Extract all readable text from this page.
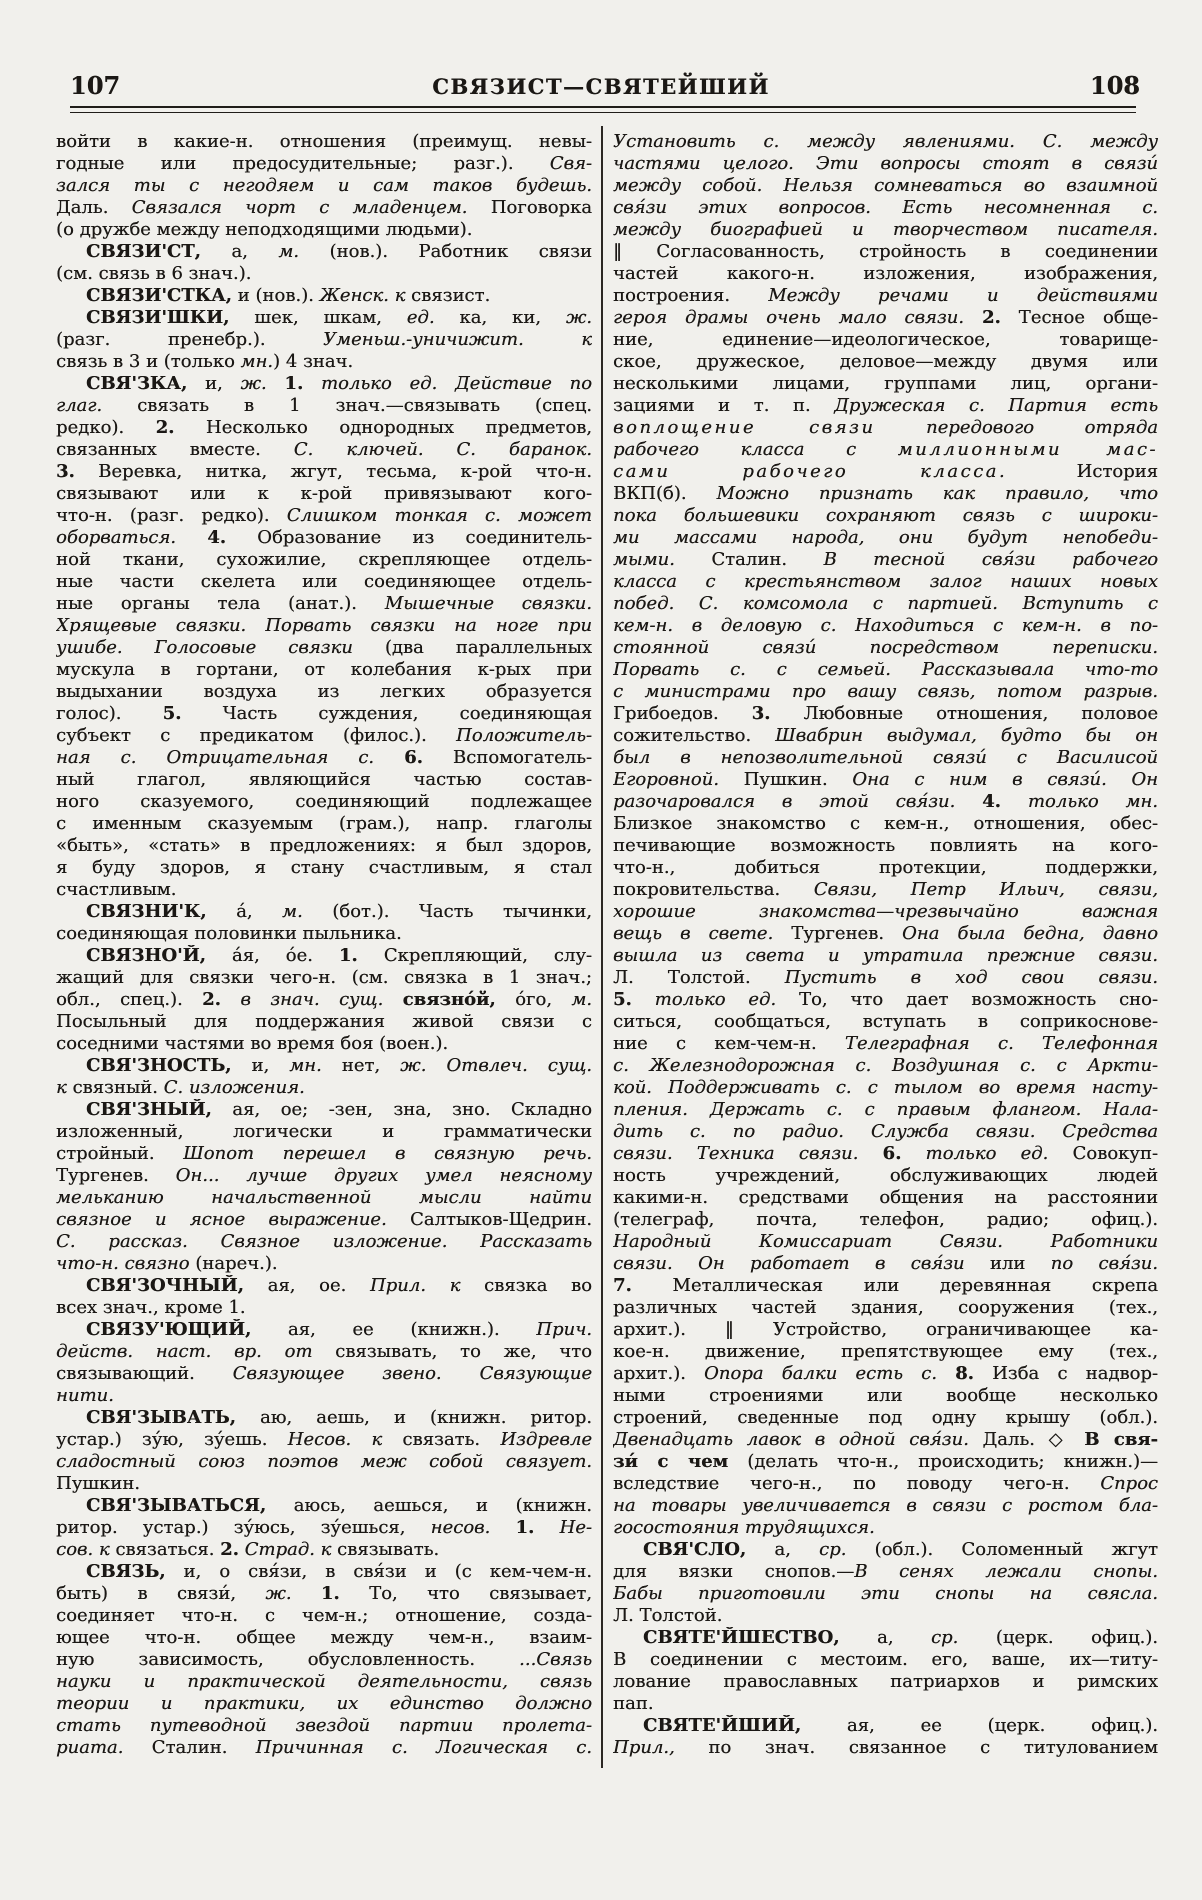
107	СВЯЗИСТ—СВЯТЕЙШИЙ	108
войти в какие-н. отношения (преимущ. невы-
годные или предосудительные; разг.). Свя-
зался ты с негодяем и сам таков будешь.
Даль. Связался чорт с младенцем. Поговорка
(о дружбе между неподходящими людьми).
СВЯЗИ'СТ, а, м. (нов.). Работник связи
(см. связь в 6 знач.).
СВЯЗИ'СТКА, и (нов.). Женск. к связист.
СВЯЗИ'ШКИ, шек, шкам, ед. ка, ки, ж.
(разг. пренебр.). Уменьш.-уничижит. к
связь в 3 и (только мн.) 4 знач.
СВЯ'ЗКА, и, ж. 1. только ед. Действие по
глаг. связать в 1 знач.—связывать (спец.
редко). 2. Несколько однородных предметов,
связанных вместе. С. ключей. С. баранок.
3. Веревка, нитка, жгут, тесьма, к-рой что-н.
связывают или к к-рой привязывают кого-
что-н. (разг. редко). Слишком тонкая с. может
оборваться. 4. Образование из соединитель-
ной ткани, сухожилие, скрепляющее отдель-
ные части скелета или соединяющее отдель-
ные органы тела (анат.). Мышечные связки.
Хрящевые связки. Порвать связки на ноге при
ушибе. Голосовые связки (два параллельных
мускула в гортани, от колебания к-рых при
выдыхании воздуха из легких образуется
голос). 5. Часть суждения, соединяющая
субъект с предикатом (филос.). Положитель-
ная с. Отрицательная с. 6. Вспомогатель-
ный глагол, являющийся частью состав-
ного сказуемого, соединяющий подлежащее
с именным сказуемым (грам.), напр. глаголы
«быть», «стать» в предложениях: я был здоров,
я буду здоров, я стану счастливым, я стал
счастливым.
СВЯЗНИ'К, а́, м. (бот.). Часть тычинки,
соединяющая половинки пыльника.
СВЯЗНО'Й, а́я, о́е. 1. Скрепляющий, слу-
жащий для связки чего-н. (см. связка в 1 знач.;
обл., спец.). 2. в знач. сущ. связно́й, о́го, м.
Посыльный для поддержания живой связи с
соседними частями во время боя (воен.).
СВЯ'ЗНОСТЬ, и, мн. нет, ж. Отвлеч. сущ.
к связный. С. изложения.
СВЯ'ЗНЫЙ, ая, ое; -зен, зна, зно. Складно
изложенный, логически и грамматически
стройный. Шопот перешел в связную речь.
Тургенев. Он... лучше других умел неясному
мельканию начальственной мысли найти
связное и ясное выражение. Салтыков-Щедрин.
С. рассказ. Связное изложение. Рассказать
что-н. связно (нареч.).
СВЯ'ЗОЧНЫЙ, ая, ое. Прил. к связка во
всех знач., кроме 1.
СВЯЗУ'ЮЩИЙ, ая, ее (книжн.). Прич.
действ. наст. вр. от связывать, то же, что
связывающий. Связующее звено. Связующие
нити.
СВЯ'ЗЫВАТЬ, аю, аешь, и (книжн. ритор.
устар.) зу́ю, зу́ешь. Несов. к связать. Издревле
сладостный союз поэтов меж собой связует.
Пушкин.
СВЯ'ЗЫВАТЬСЯ, аюсь, аешься, и (книжн.
ритор. устар.) зу́юсь, зу́ешься, несов. 1. Не-
сов. к связаться. 2. Страд. к связывать.
СВЯЗЬ, и, о свя́зи, в свя́зи и (с кем-чем-н.
быть) в связи́, ж. 1. То, что связывает,
соединяет что-н. с чем-н.; отношение, созда-
ющее что-н. общее между чем-н., взаим-
ную зависимость, обусловленность. ...Связь
науки и практической деятельности, связь
теории и практики, их единство должно
стать путеводной звездой партии пролета-
риата. Сталин. Причинная с. Логическая с.
Установить с. между явлениями. С. между
частями целого. Эти вопросы стоят в связи́
между собой. Нельзя сомневаться во взаимной
свя́зи этих вопросов. Есть несомненная с.
между биографией и творчеством писателя.
‖ Согласованность, стройность в соединении
частей какого-н. изложения, изображения,
построения. Между речами и действиями
героя драмы очень мало связи. 2. Тесное обще-
ние, единение—идеологическое, товарище-
ское, дружеское, деловое—между двумя или
несколькими лицами, группами лиц, органи-
зациями и т. п. Дружеская с. Партия есть
воплощение связи передового отряда
рабочего класса с миллионными мас-
сами рабочего класса. История
ВКП(б). Можно признать как правило, что
пока большевики сохраняют связь с широки-
ми массами народа, они будут непобеди-
мыми. Сталин. В тесной свя́зи рабочего
класса с крестьянством залог наших новых
побед. С. комсомола с партией. Вступить с
кем-н. в деловую с. Находиться с кем-н. в по-
стоянной связи́ посредством переписки.
Порвать с. с семьей. Рассказывала что-то
с министрами про вашу связь, потом разрыв.
Грибоедов. 3. Любовные отношения, половое
сожительство. Швабрин выдумал, будто бы он
был в непозволительной связи́ с Василисой
Егоровной. Пушкин. Она с ним в связи́. Он
разочаровался в этой свя́зи. 4. только мн.
Близкое знакомство с кем-н., отношения, обес-
печивающие возможность повлиять на кого-
что-н., добиться протекции, поддержки,
покровительства. Связи, Петр Ильич, связи,
хорошие знакомства—чрезвычайно важная
вещь в свете. Тургенев. Она была бедна, давно
вышла из света и утратила прежние связи.
Л. Толстой. Пустить в ход свои связи.
5. только ед. То, что дает возможность сно-
ситься, сообщаться, вступать в соприкоснове-
ние с кем-чем-н. Телеграфная с. Телефонная
с. Железнодорожная с. Воздушная с. с Аркти-
кой. Поддерживать с. с тылом во время насту-
пления. Держать с. с правым флангом. Нала-
дить с. по радио. Служба связи. Средства
связи. Техника связи. 6. только ед. Совокуп-
ность учреждений, обслуживающих людей
какими-н. средствами общения на расстоянии
(телеграф, почта, телефон, радио; офиц.).
Народный Комиссариат Связи. Работники
связи. Он работает в свя́зи или по свя́зи.
7. Металлическая или деревянная скрепа
различных частей здания, сооружения (тех.,
архит.). ‖ Устройство, ограничивающее ка-
кое-н. движение, препятствующее ему (тех.,
архит.). Опора балки есть с. 8. Изба с надвор-
ными строениями или вообще несколько
строений, сведенные под одну крышу (обл.).
Двенадцать лавок в одной свя́зи. Даль. ◇ В свя-
зи́ с чем (делать что-н., происходить; книжн.)—
вследствие чего-н., по поводу чего-н. Спрос
на товары увеличивается в связи с ростом бла-
госостояния трудящихся.
СВЯ'СЛО, а, ср. (обл.). Соломенный жгут
для вязки снопов.—В сенях лежали снопы.
Бабы приготовили эти снопы на свясла.
Л. Толстой.
СВЯТЕ'ЙШЕСТВО, а, ср. (церк. офиц.).
В соединении с местоим. его, ваше, их—титу-
лование православных патриархов и римских
пап.
СВЯТЕ'ЙШИЙ, ая, ее (церк. офиц.).
Прил., по знач. связанное с титулованием
